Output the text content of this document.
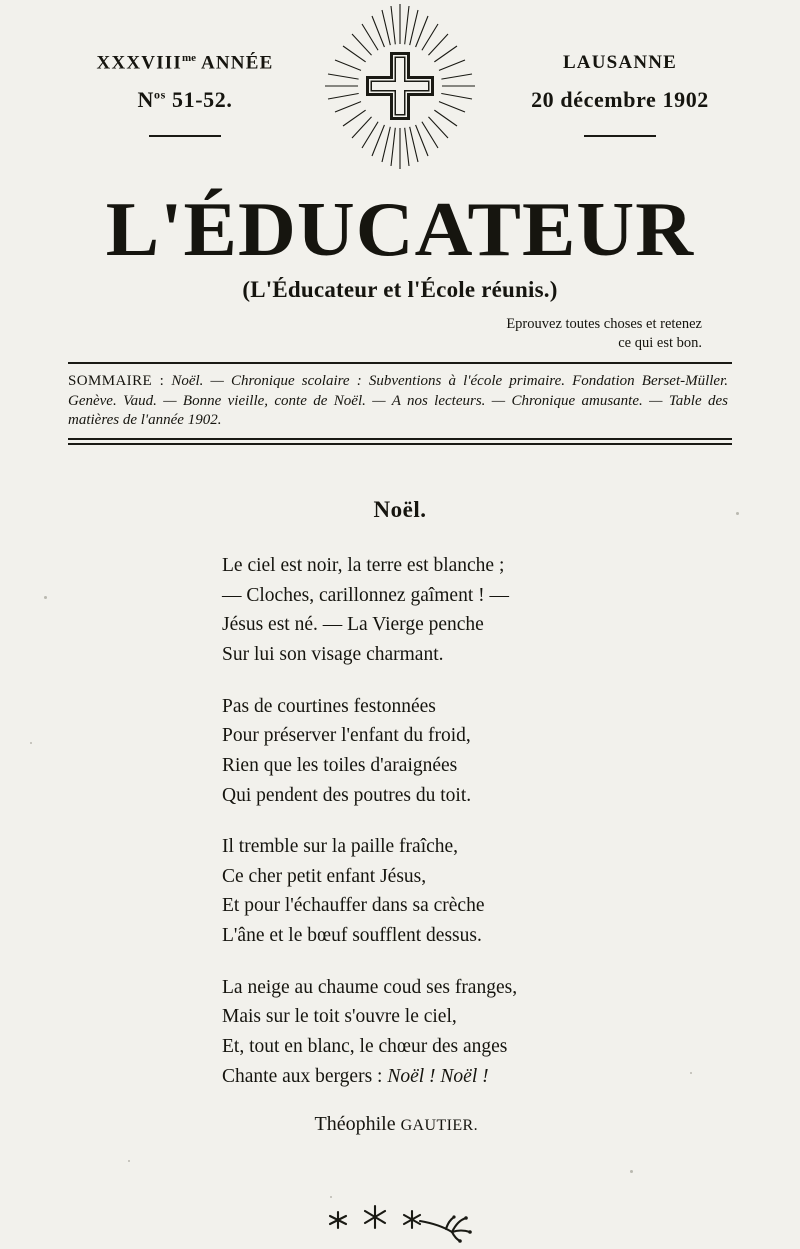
$XXXVIII^{me}$ ANNÉE
$N^{os}$ 51-52.
LAUSANNE
20 décembre 1902
L'ÉDUCATEUR
(L'Éducateur et l'École réunis.)
Eprouvez toutes choses et retenez
ce qui est bon.
SOMMAIRE : Noël. — Chronique scolaire : Subventions à l'école primaire. Fondation Berset-Müller. Genève. Vaud. — Bonne vieille, conte de Noël. — A nos lecteurs. — Chronique amusante. — Table des matières de l'année 1902.
Noël.
Le ciel est noir, la terre est blanche ;
— Cloches, carillonnez gaîment ! —
Jésus est né. — La Vierge penche
Sur lui son visage charmant.
Pas de courtines festonnées
Pour préserver l'enfant du froid,
Rien que les toiles d'araignées
Qui pendent des poutres du toit.
Il tremble sur la paille fraîche,
Ce cher petit enfant Jésus,
Et pour l'échauffer dans sa crèche
L'âne et le bœuf soufflent dessus.
La neige au chaume coud ses franges,
Mais sur le toit s'ouvre le ciel,
Et, tout en blanc, le chœur des anges
Chante aux bergers : Noël ! Noël !
Théophile GAUTIER.
